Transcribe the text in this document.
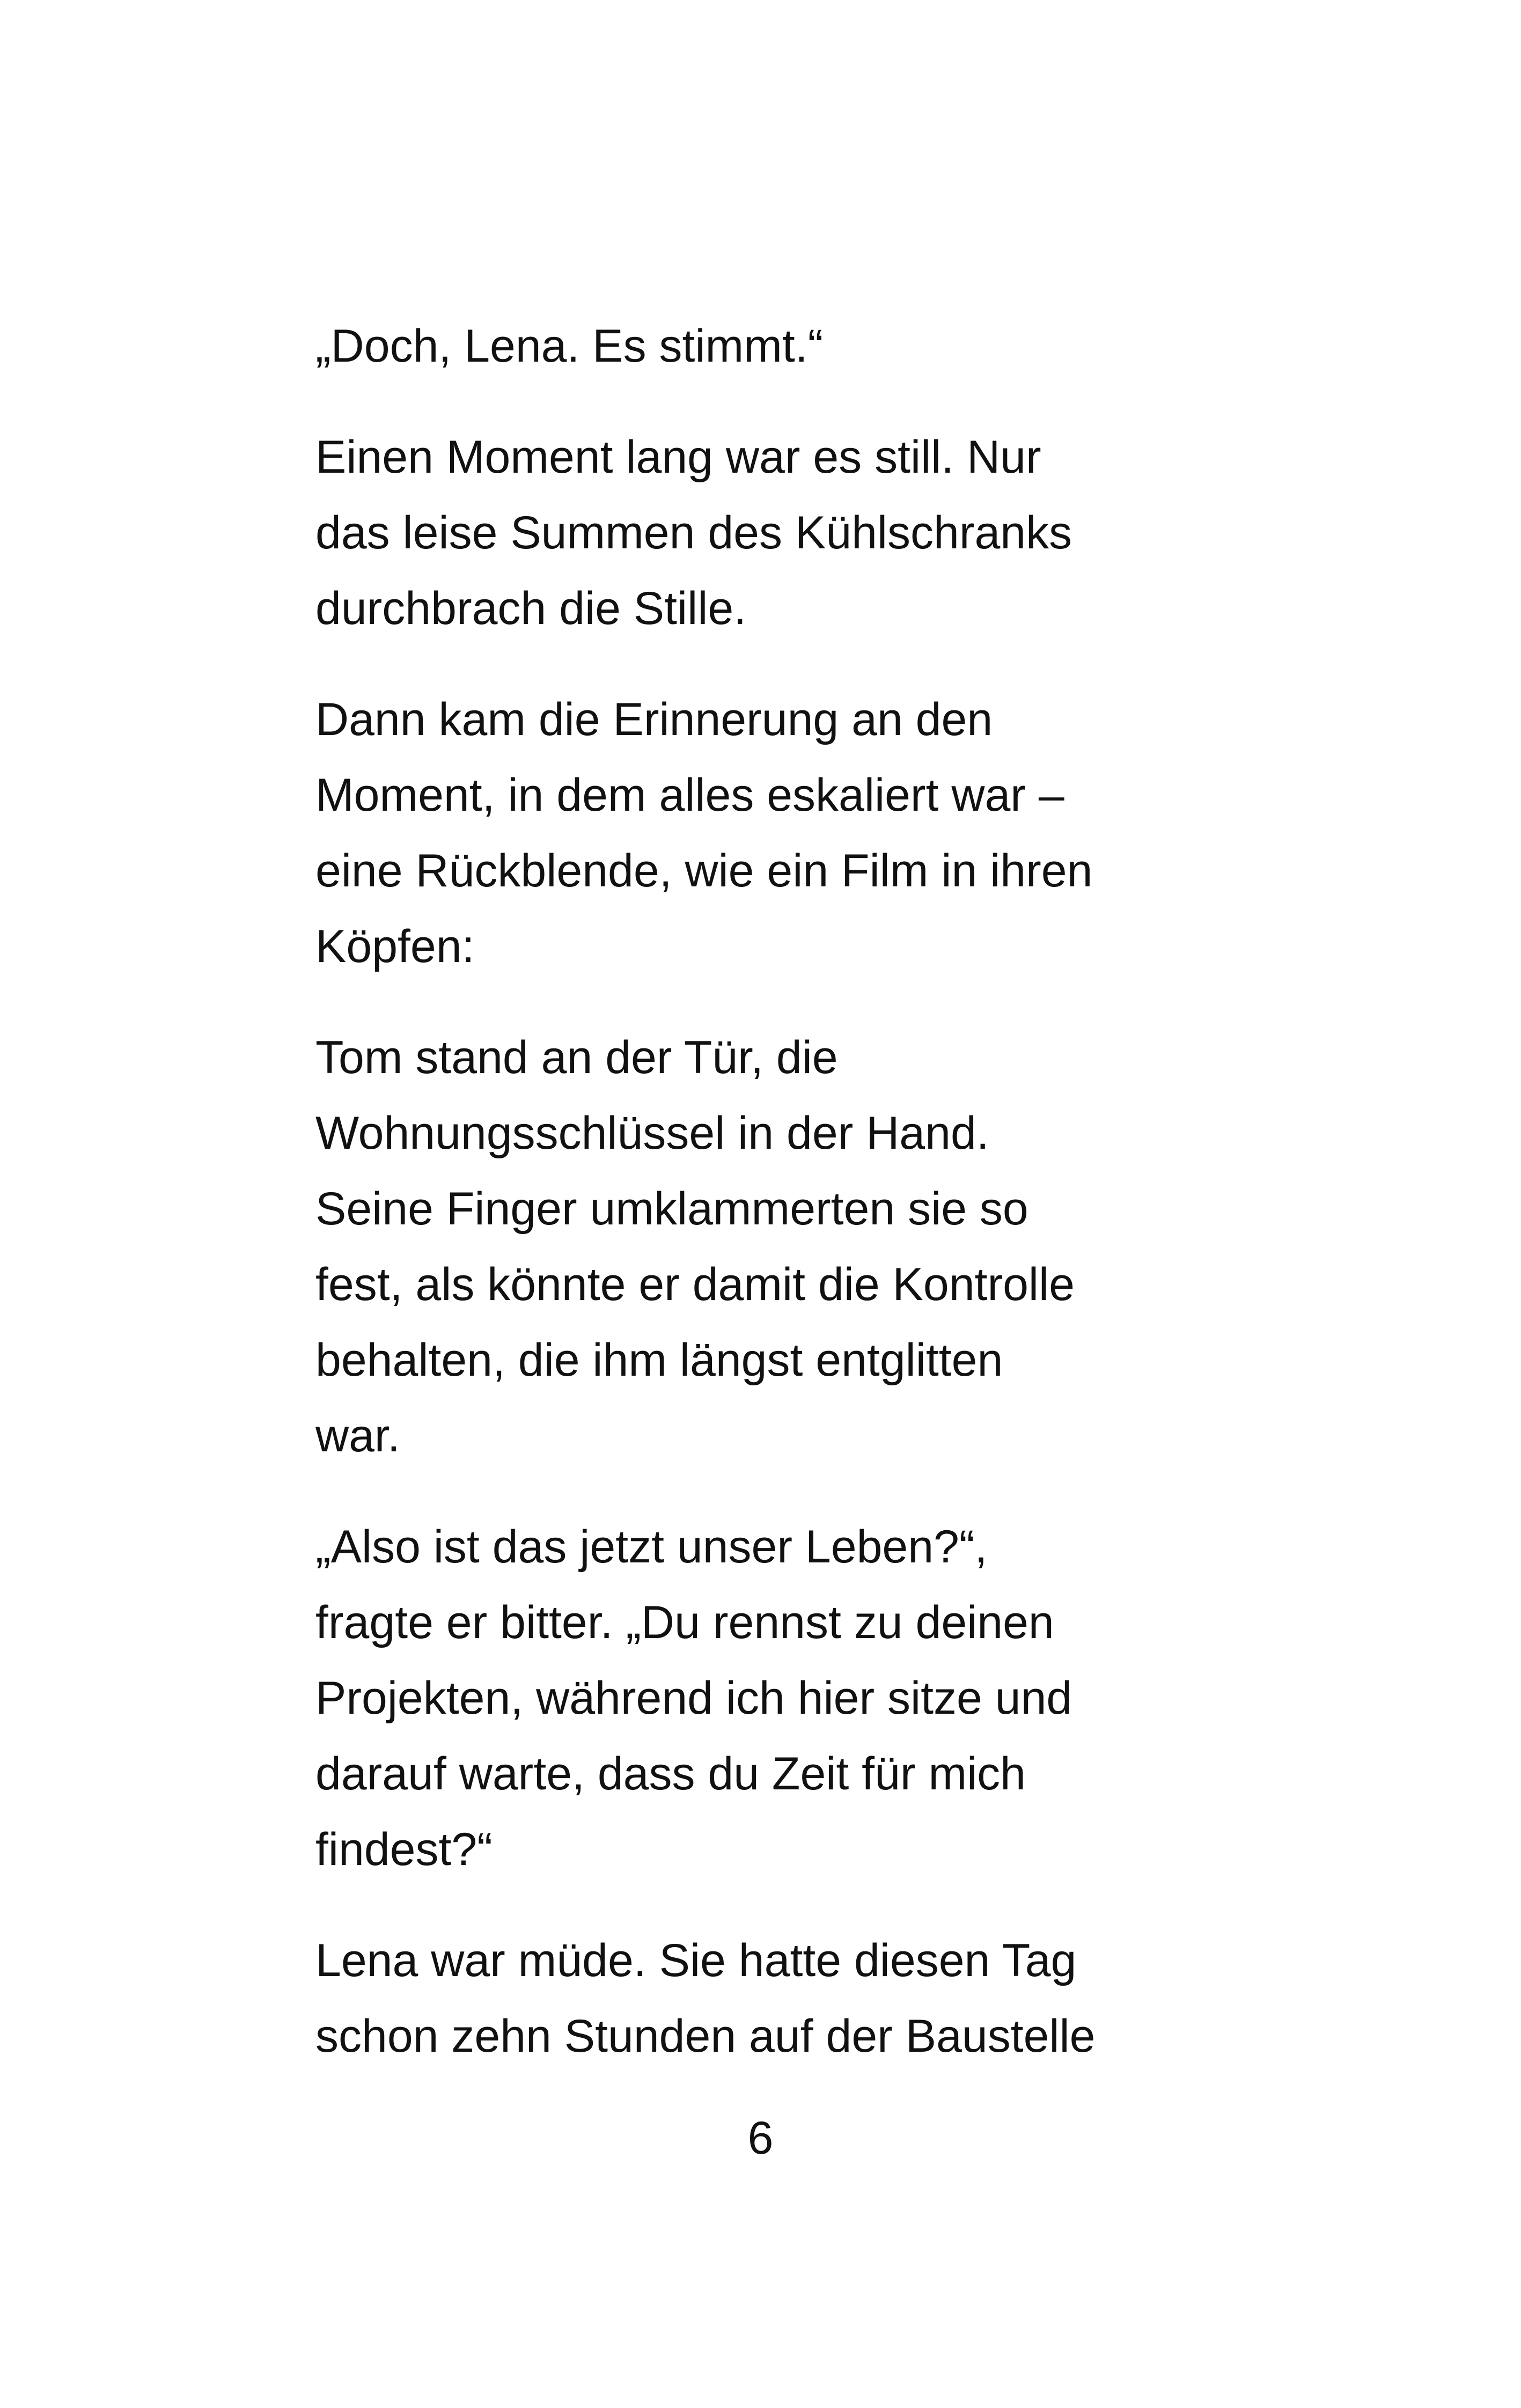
„Doch, Lena. Es stimmt.“

Einen Moment lang war es still. Nur
das leise Summen des Kühlschranks
durchbrach die Stille.

Dann kam die Erinnerung an den
Moment, in dem alles eskaliert war –
eine Rückblende, wie ein Film in ihren
Köpfen:

Tom stand an der Tür, die
Wohnungsschlüssel in der Hand.
Seine Finger umklammerten sie so
fest, als könnte er damit die Kontrolle
behalten, die ihm längst entglitten
war.

„Also ist das jetzt unser Leben?“,
fragte er bitter. „Du rennst zu deinen
Projekten, während ich hier sitze und
darauf warte, dass du Zeit für mich
findest?“

Lena war müde. Sie hatte diesen Tag
schon zehn Stunden auf der Baustelle

6
